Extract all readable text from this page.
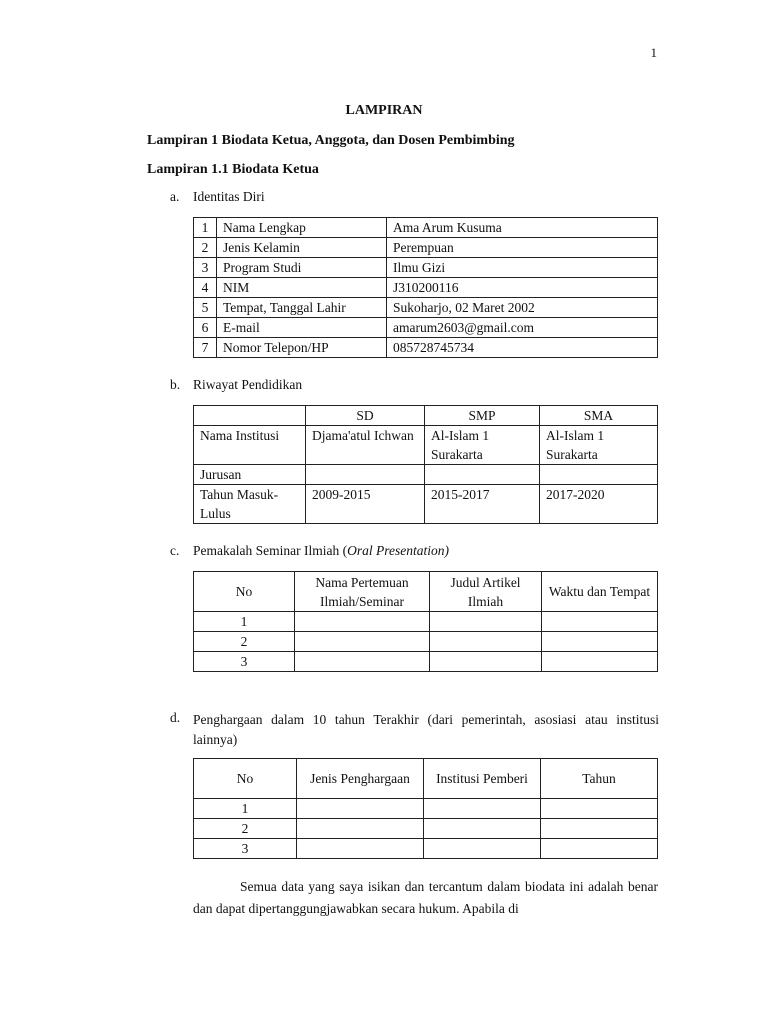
1
LAMPIRAN
Lampiran 1 Biodata Ketua, Anggota, dan Dosen Pembimbing
Lampiran 1.1 Biodata Ketua
a. Identitas Diri
1	Nama Lengkap	Ama Arum Kusuma
2	Jenis Kelamin	Perempuan
3	Program Studi	Ilmu Gizi
4	NIM	J310200116
5	Tempat, Tanggal Lahir	Sukoharjo, 02 Maret 2002
6	E-mail	amarum2603@gmail.com
7	Nomor Telepon/HP	085728745734
b. Riwayat Pendidikan
	SD	SMP	SMA
Nama Institusi	Djama'atul Ichwan	Al-Islam 1 Surakarta	Al-Islam 1 Surakarta
Jurusan			
Tahun Masuk-Lulus	2009-2015	2015-2017	2017-2020
c. Pemakalah Seminar Ilmiah (Oral Presentation)
No	Nama Pertemuan Ilmiah/Seminar	Judul Artikel Ilmiah	Waktu dan Tempat
1			
2			
3			
d. Penghargaan dalam 10 tahun Terakhir (dari pemerintah, asosiasi atau institusi lainnya)
No	Jenis Penghargaan	Institusi Pemberi	Tahun
1			
2			
3			
Semua data yang saya isikan dan tercantum dalam biodata ini adalah benar dan dapat dipertanggungjawabkan secara hukum. Apabila di
